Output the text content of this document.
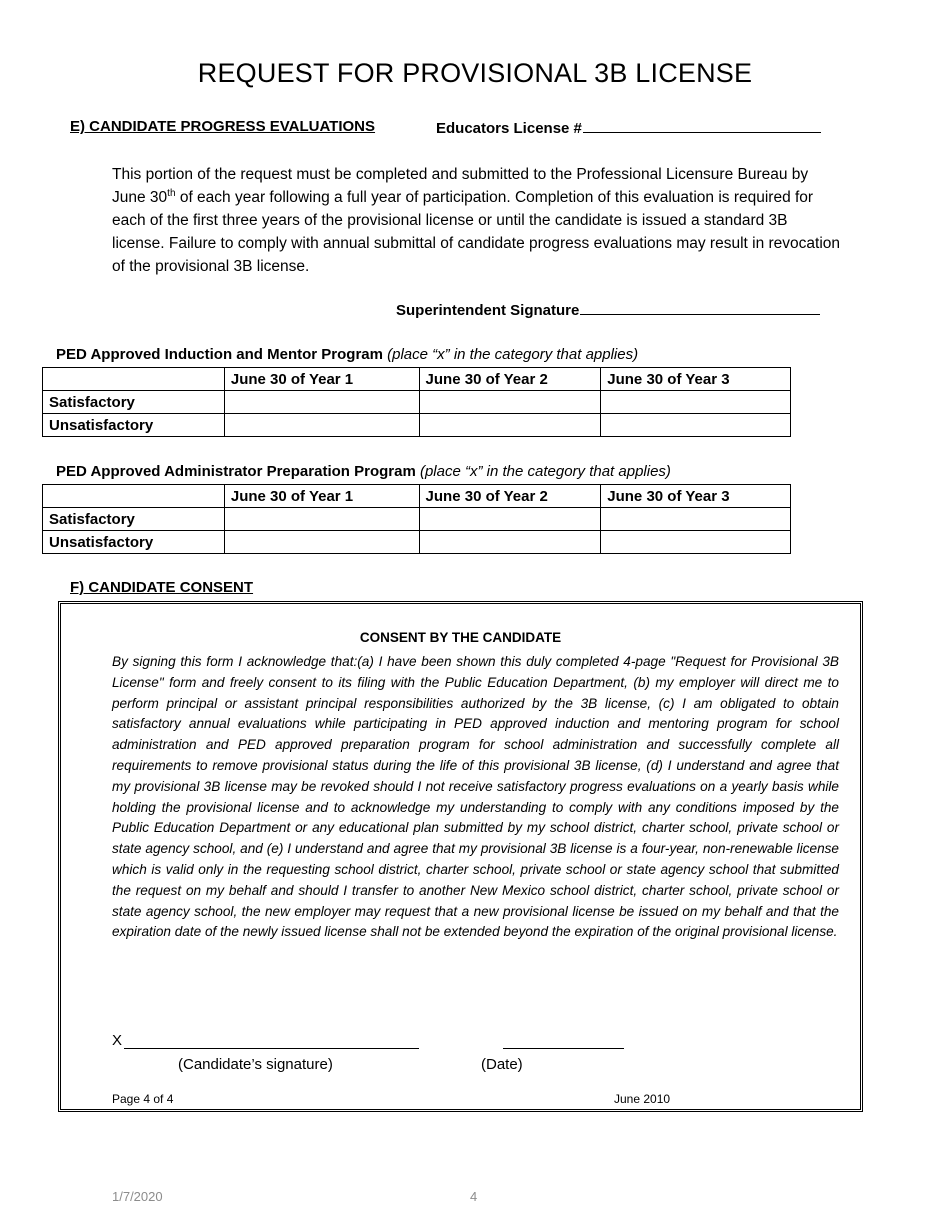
REQUEST FOR PROVISIONAL 3B LICENSE
E) CANDIDATE PROGRESS EVALUATIONS	Educators License #
This portion of the request must be completed and submitted to the Professional Licensure Bureau by June 30th of each year following a full year of participation. Completion of this evaluation is required for each of the first three years of the provisional license or until the candidate is issued a standard 3B license. Failure to comply with annual submittal of candidate progress evaluations may result in revocation of the provisional 3B license.
Superintendent Signature
PED Approved Induction and Mentor Program (place “x” in the category that applies)
	June 30 of Year 1	June 30 of Year 2	June 30 of Year 3
Satisfactory			
Unsatisfactory			
PED Approved Administrator Preparation Program (place “x” in the category that applies)
	June 30 of Year 1	June 30 of Year 2	June 30 of Year 3
Satisfactory			
Unsatisfactory			
F) CANDIDATE CONSENT
CONSENT BY THE CANDIDATE
By signing this form I acknowledge that:(a) I have been shown this duly completed 4-page "Request for Provisional 3B License" form and freely consent to its filing with the Public Education Department, (b) my employer will direct me to perform principal or assistant principal responsibilities authorized by the 3B license, (c) I am obligated to obtain satisfactory annual evaluations while participating in PED approved induction and mentoring program for school administration and PED approved preparation program for school administration and successfully complete all requirements to remove provisional status during the life of this provisional 3B license, (d) I understand and agree that my provisional 3B license may be revoked should I not receive satisfactory progress evaluations on a yearly basis while holding the provisional license and to acknowledge my understanding to comply with any conditions imposed by the Public Education Department or any educational plan submitted by my school district, charter school, private school or state agency school, and (e) I understand and agree that my provisional 3B license is a four-year, non-renewable license which is valid only in the requesting school district, charter school, private school or state agency school that submitted the request on my behalf and should I transfer to another New Mexico school district, charter school, private school or state agency school, the new employer may request that a new provisional license be issued on my behalf and that the expiration date of the newly issued license shall not be extended beyond the expiration of the original provisional license.
X
(Candidate’s signature)	(Date)
Page 4 of 4	June 2010
1/7/2020	4
